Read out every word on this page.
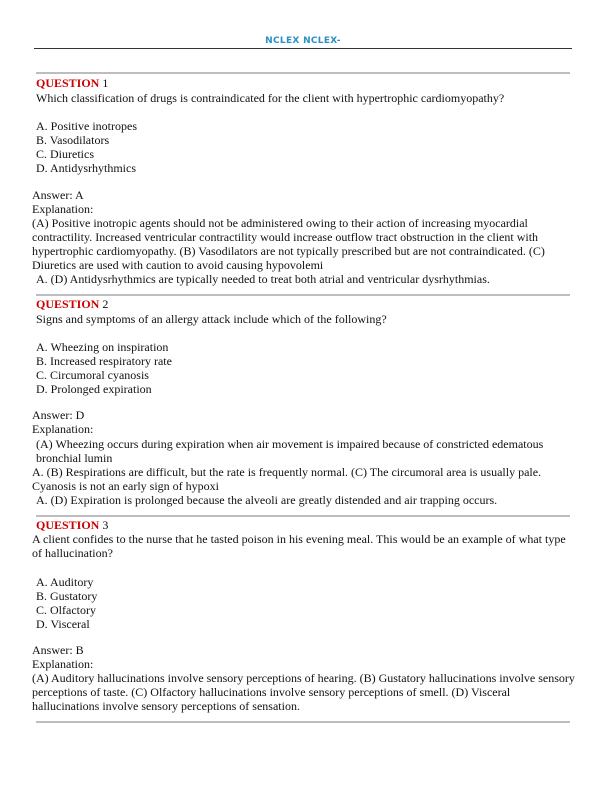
NCLEX NCLEX-
QUESTION 1
Which classification of drugs is contraindicated for the client with hypertrophic cardiomyopathy?
A. Positive inotropes
B. Vasodilators
C. Diuretics
D. Antidysrhythmics
Answer: A
Explanation:
(A) Positive inotropic agents should not be administered owing to their action of increasing myocardial
contractility. Increased ventricular contractility would increase outflow tract obstruction in the client with
hypertrophic cardiomyopathy. (B) Vasodilators are not typically prescribed but are not contraindicated. (C)
Diuretics are used with caution to avoid causing hypovolemi
A. (D) Antidysrhythmics are typically needed to treat both atrial and ventricular dysrhythmias.
QUESTION 2
Signs and symptoms of an allergy attack include which of the following?
A. Wheezing on inspiration
B. Increased respiratory rate
C. Circumoral cyanosis
D. Prolonged expiration
Answer: D
Explanation:
(A) Wheezing occurs during expiration when air movement is impaired because of constricted edematous
bronchial lumin
A. (B) Respirations are difficult, but the rate is frequently normal. (C) The circumoral area is usually pale.
Cyanosis is not an early sign of hypoxi
A. (D) Expiration is prolonged because the alveoli are greatly distended and air trapping occurs.
QUESTION 3
A client confides to the nurse that he tasted poison in his evening meal. This would be an example of what type
of hallucination?
A. Auditory
B. Gustatory
C. Olfactory
D. Visceral
Answer: B
Explanation:
(A) Auditory hallucinations involve sensory perceptions of hearing. (B) Gustatory hallucinations involve sensory
perceptions of taste. (C) Olfactory hallucinations involve sensory perceptions of smell. (D) Visceral
hallucinations involve sensory perceptions of sensation.
